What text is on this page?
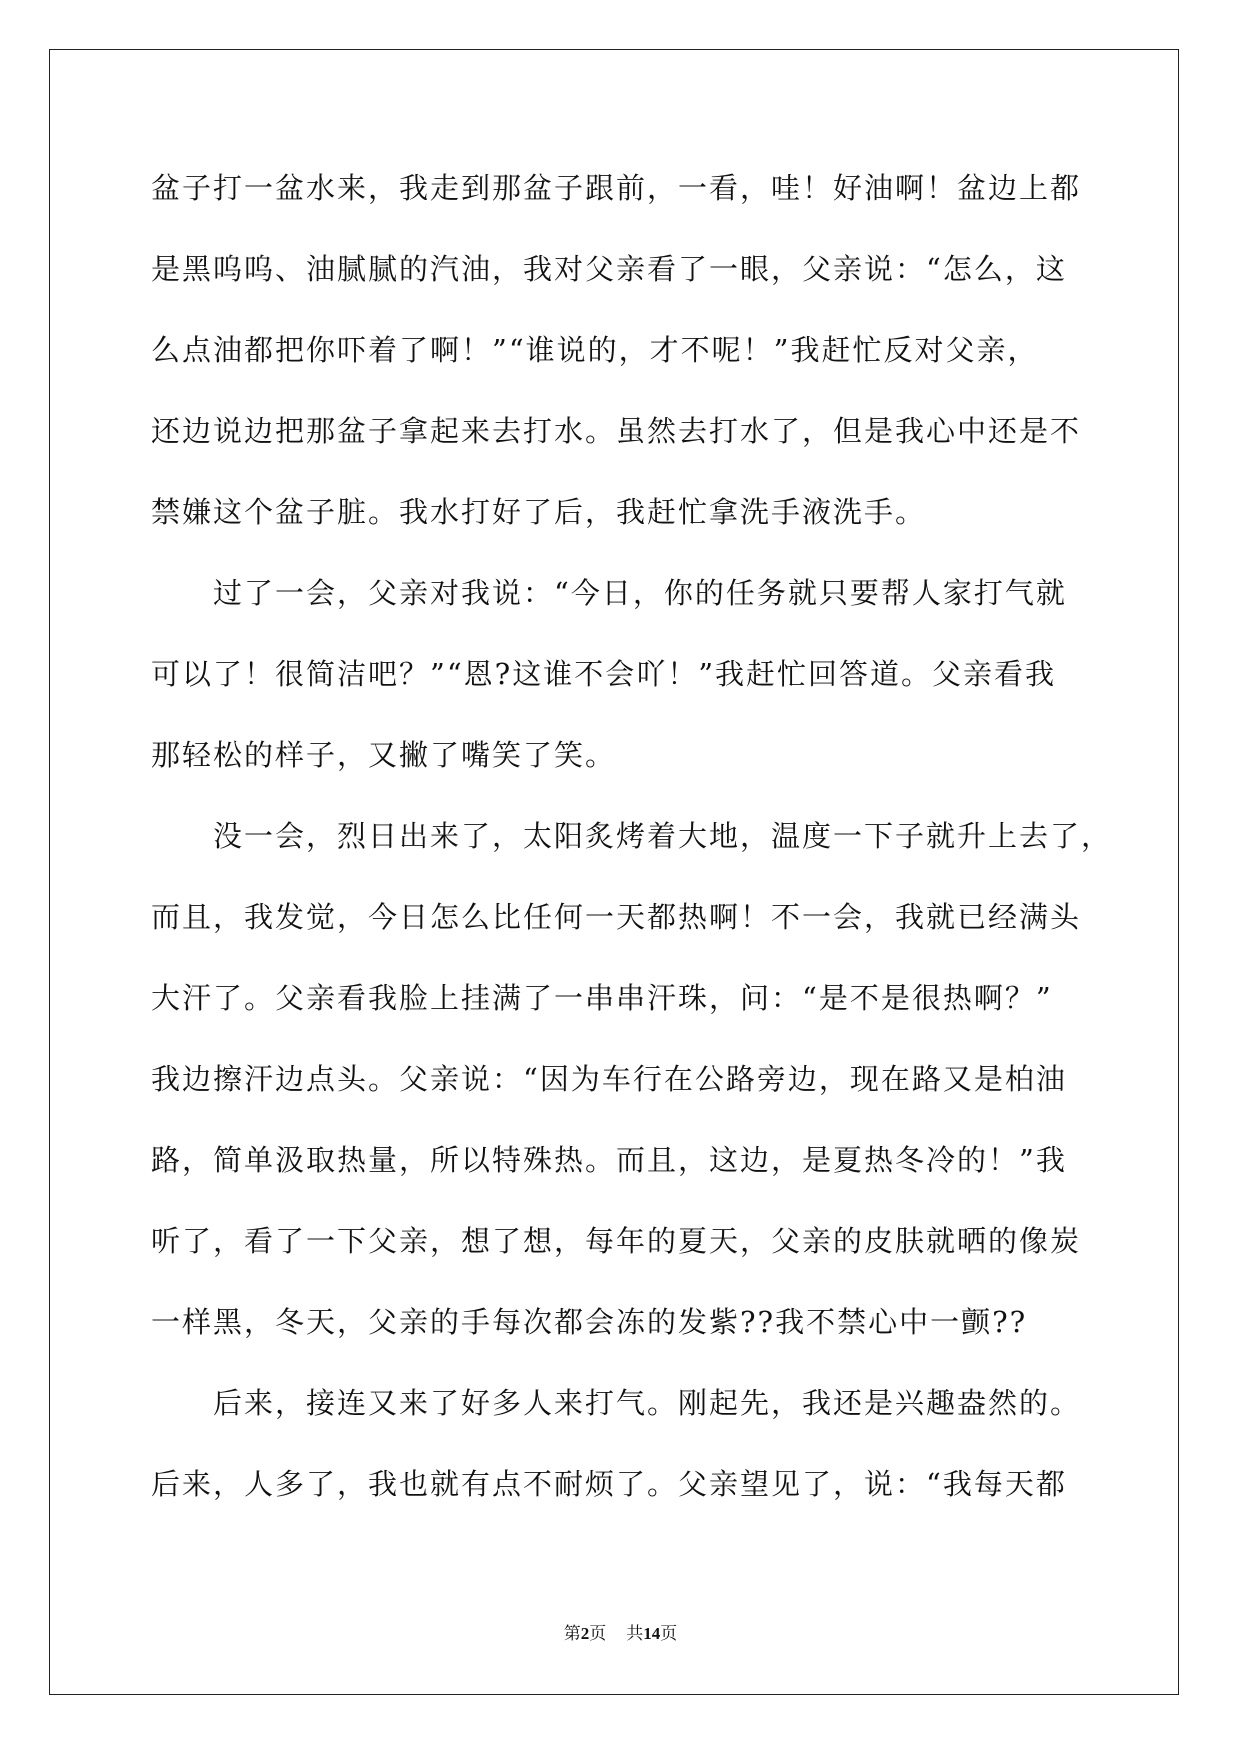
盆子打一盆水来，我走到那盆子跟前，一看，哇！好油啊！盆边上都
是黑呜呜、油腻腻的汽油，我对父亲看了一眼，父亲说：“怎么，这
么点油都把你吓着了啊！”“谁说的，才不呢！”我赶忙反对父亲，
还边说边把那盆子拿起来去打水。虽然去打水了，但是我心中还是不
禁嫌这个盆子脏。我水打好了后，我赶忙拿洗手液洗手。
过了一会，父亲对我说：“今日，你的任务就只要帮人家打气就
可以了！很简洁吧？”“恩?这谁不会吖！”我赶忙回答道。父亲看我
那轻松的样子，又撇了嘴笑了笑。
没一会，烈日出来了，太阳炙烤着大地，温度一下子就升上去了，
而且，我发觉，今日怎么比任何一天都热啊！不一会，我就已经满头
大汗了。父亲看我脸上挂满了一串串汗珠，问：“是不是很热啊？”
我边擦汗边点头。父亲说：“因为车行在公路旁边，现在路又是柏油
路，简单汲取热量，所以特殊热。而且，这边，是夏热冬冷的！”我
听了，看了一下父亲，想了想，每年的夏天，父亲的皮肤就晒的像炭
一样黑，冬天，父亲的手每次都会冻的发紫??我不禁心中一颤??
后来，接连又来了好多人来打气。刚起先，我还是兴趣盎然的。
后来，人多了，我也就有点不耐烦了。父亲望见了，说：“我每天都
第2页 共14页
